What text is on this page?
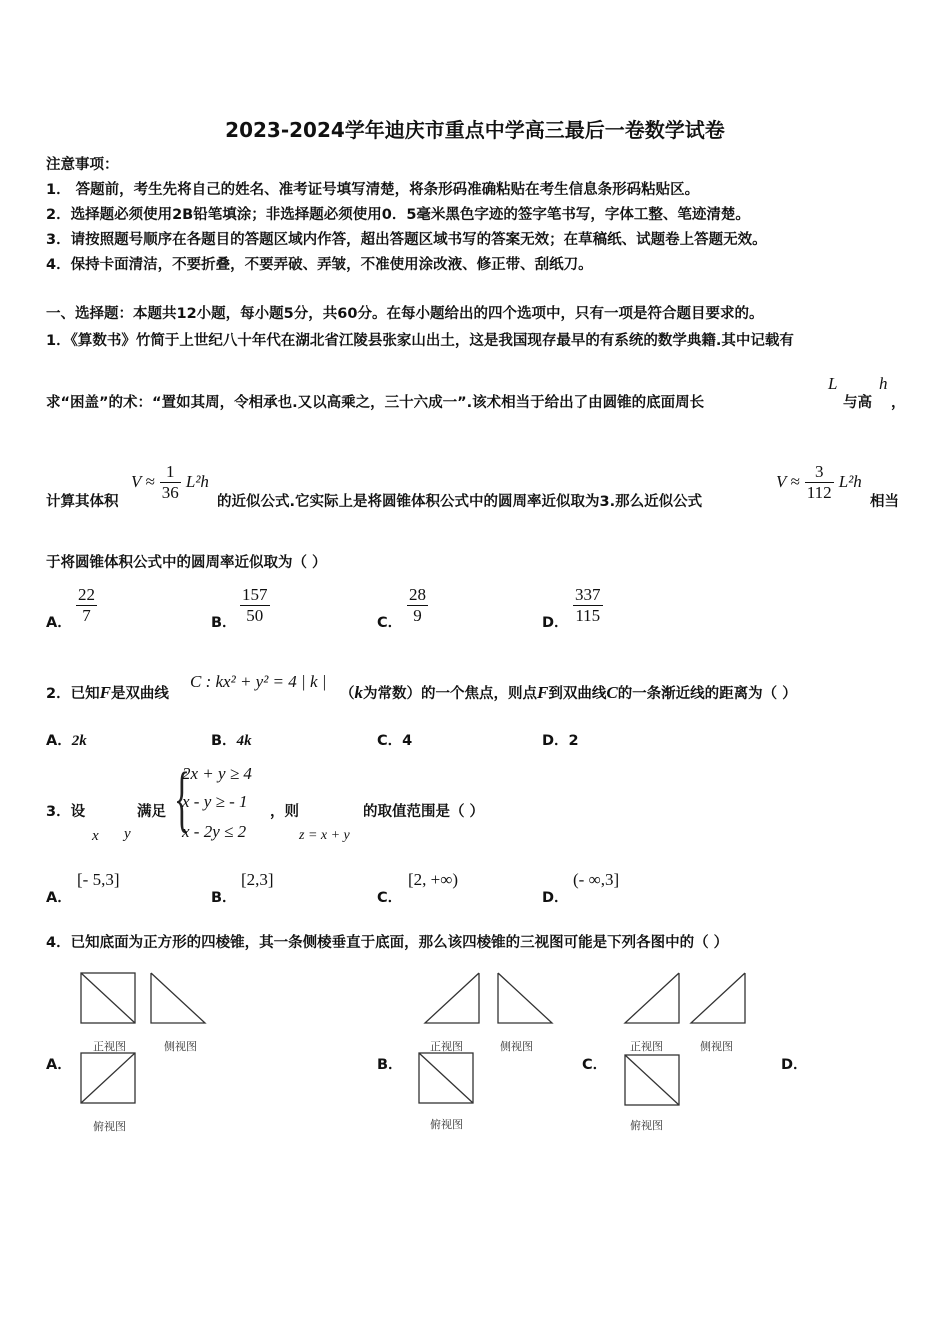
2023-2024学年迪庆市重点中学高三最后一卷数学试卷
注意事项：
1． 答题前，考生先将自己的姓名、准考证号填写清楚，将条形码准确粘贴在考生信息条形码粘贴区。
2．选择题必须使用2B铅笔填涂；非选择题必须使用0．5毫米黑色字迹的签字笔书写，字体工整、笔迹清楚。
3．请按照题号顺序在各题目的答题区域内作答，超出答题区域书写的答案无效；在草稿纸、试题卷上答题无效。
4．保持卡面清洁，不要折叠，不要弄破、弄皱，不准使用涂改液、修正带、刮纸刀。
一、选择题：本题共12小题，每小题5分，共60分。在每小题给出的四个选项中，只有一项是符合题目要求的。
1．《算数书》竹简于上世纪八十年代在湖北省江陵县张家山出土，这是我国现存最早的有系统的数学典籍.其中记载有
求“困盖”的术：“置如其周，令相承也.又以高乘之，三十六成一”.该术相当于给出了由圆锥的底面周长
L
与高
h
，
计算其体积
$V \approx \frac{1}{36} L^2h$
的近似公式.它实际上是将圆锥体积公式中的圆周率近似取为3.那么近似公式
$V \approx \frac{3}{112} L^2h$
相当
于将圆锥体积公式中的圆周率近似取为（ ）
A． $\frac{22}{7}$	B． $\frac{157}{50}$	C． $\frac{28}{9}$	D． $\frac{337}{115}$
2．已知F是双曲线
C : kx² + y² = 4 | k |
（k为常数）的一个焦点，则点F到双曲线C的一条渐近线的距离为（ ）
A．2k	B．4k	C．4	D．2
3．设
x y
满足 {
2x + y ≥ 4
x - y ≥ - 1
x - 2y ≤ 2
，则
z = x + y
的取值范围是（ ）
A．
[- 5,3]
B．
[2,3]
C．
[2, +∞)
D．
(- ∞,3]
4．已知底面为正方形的四棱锥，其一条侧棱垂直于底面，那么该四棱锥的三视图可能是下列各图中的（ ）
正视图	侧视图
A．
俯视图
正视图	侧视图
B．
俯视图
正视图	侧视图
C．
俯视图
D．
